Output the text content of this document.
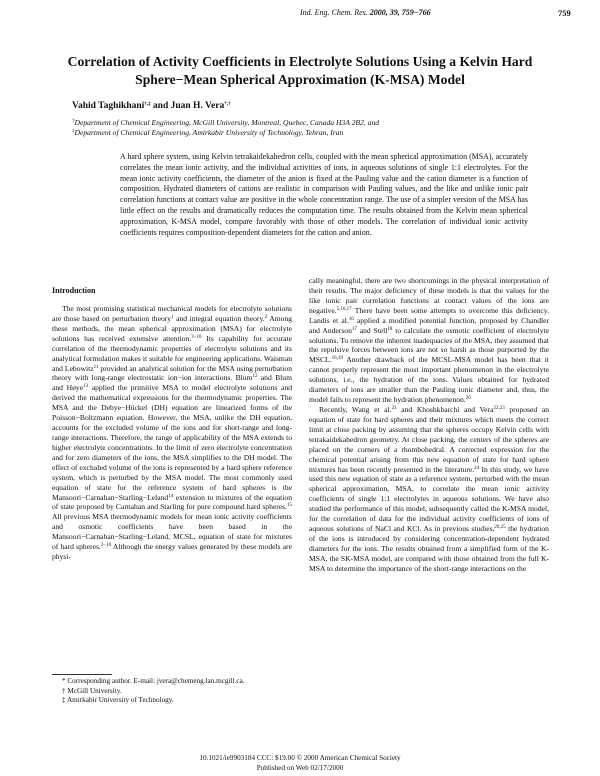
Ind. Eng. Chem. Res. 2000, 39, 759−766	759
Correlation of Activity Coefficients in Electrolyte Solutions Using a Kelvin Hard Sphere−Mean Spherical Approximation (K-MSA) Model
Vahid Taghikhani†,‡ and Juan H. Vera*,†
†Department of Chemical Engineering, McGill University, Montreal, Quebec, Canada H3A 2B2, and
‡Department of Chemical Engineering, Amirkabir University of Technology, Tehran, Iran

A hard sphere system, using Kelvin tetrakaidekahedron cells, coupled with the mean spherical approximation (MSA), accurately correlates the mean ionic activity, and the individual activities of ions, in aqueous solutions of single 1:1 electrolytes. For the mean ionic activity coefficients, the diameter of the anion is fixed at the Pauling value and the cation diameter is a function of composition. Hydrated diameters of cations are realistic in comparison with Pauling values, and the like and unlike ionic pair correlation functions at contact value are positive in the whole concentration range. The use of a simpler version of the MSA has little effect on the results and dramatically reduces the computation time. The results obtained from the Kelvin mean spherical approximation, K-MSA model, compare favorably with those of other models. The correlation of individual ionic activity coefficients requires composition-dependent diameters for the cation and anion.

Introduction

The most promising statistical mechanical models for electrolyte solutions are those based on perturbation theory$^1$ and integral equation theory.$^2$ Among these methods, the mean spherical approximation (MSA) for electrolyte solutions has received extensive attention.$^{3-10}$ Its capability for accurate correlation of the thermodynamic properties of electrolyte solutions and its analytical formulation makes it suitable for engineering applications. Waisman and Lebowitz$^{11}$ provided an analytical solution for the MSA using perturbation theory with long-range electrostatic ion−ion interactions. Blum$^{12}$ and Blum and Høye$^{13}$ applied the primitive MSA to model electrolyte solutions and derived the mathematical expressions for the thermodynamic properties. The MSA and the Debye−Hückel (DH) equation are linearized forms of the Poisson−Boltzmann equation. However, the MSA, unlike the DH equation, accounts for the excluded volume of the ions and for short-range and long-range interactions. Therefore, the range of applicability of the MSA extends to higher electrolyte concentrations. In the limit of zero electrolyte concentration and for zero diameters of the ions, the MSA simplifies to the DH model. The effect of excluded volume of the ions is represented by a hard sphere reference system, which is perturbed by the MSA model. The most commonly used equation of state for the reference system of hard spheres is the Mansoori−Carnahan−Starling−Leland$^{14}$ extension to mixtures of the equation of state proposed by Carnahan and Starling for pure compound hard spheres.$^{15}$ All previous MSA thermodynamic models for mean ionic activity coefficients and osmotic coefficients have been based in the Mansoori−Carnahan−Starling−Leland, MCSL, equation of state for mixtures of hard spheres.$^{3-10}$ Although the energy values generated by these models are physi-

* Corresponding author. E-mail: jvera@chemeng.lan.mcgill.ca.

† McGill University.

‡ Amirkabir University of Technology.

cally meaningful, there are two shortcomings in the physical interpretation of their results. The major deficiency of these models is that the values for the like ionic pair correlation functions at contact values of the ions are negative.$^{5,16,17}$ There have been some attempts to overcome this deficiency. Landis et al.$^{16}$ applied a modified potential function, proposed by Chandler and Anderson$^{17}$ and Stell$^{18}$ to calculate the osmotic coefficient of electrolyte solutions. To remove the inherent inadequacies of the MSA, they assumed that the repulsive forces between ions are not so harsh as those purported by the MSCL.$^{16,19}$ Another drawback of the MCSL-MSA model has been that it cannot properly represent the most important phenomenon in the electrolyte solutions, i.e., the hydration of the ions. Values obtained for hydrated diameters of ions are smaller than the Pauling ionic diameter and, thus, the model fails to represent the hydration phenomenon.$^{20}$

Recently, Wang et al.$^{21}$ and Khoshkbarchi and Vera$^{22,23}$ proposed an equation of state for hard spheres and their mixtures which meets the correct limit at close packing by assuming that the spheres occupy Kelvin cells with tetrakaidekahedron geometry. At close packing, the centers of the spheres are placed on the corners of a rhombohedral. A corrected expression for the chemical potential arising from this new equation of state for hard sphere mixtures has been recently presented in the literature.$^{24}$ In this study, we have used this new equation of state as a reference system, perturbed with the mean spherical approximation, MSA, to correlate the mean ionic activity coefficients of single 1:1 electrolytes in aqueous solutions. We have also studied the performance of this model, subsequently called the K-MSA model, for the correlation of data for the individual activity coefficients of ions of aqueous solutions of NaCl and KCl. As in previous studies,$^{20,25}$ the hydration of the ions is introduced by considering concentration-dependent hydrated diameters for the ions. The results obtained from a simplified form of the K-MSA, the SK-MSA model, are compared with those obtained from the full K-MSA to determine the importance of the short-range interactions on the

10.1021/ie9903184 CCC: $19.00 © 2000 American Chemical Society
Published on Web 02/17/2000
